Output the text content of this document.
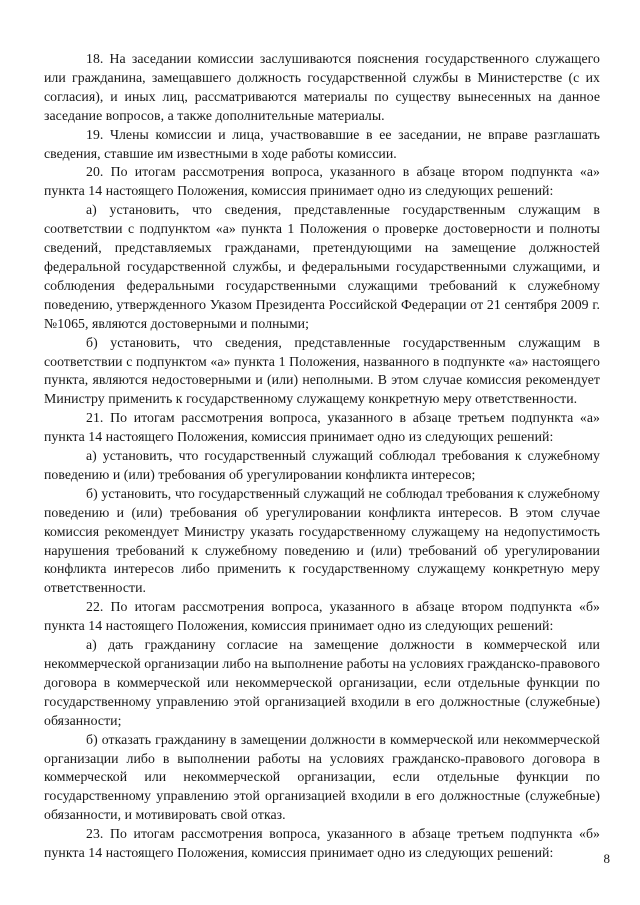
18. На заседании комиссии заслушиваются пояснения государственного служащего или гражданина, замещавшего должность государственной службы в Министерстве (с их согласия), и иных лиц, рассматриваются материалы по существу вынесенных на данное заседание вопросов, а также дополнительные материалы.

19. Члены комиссии и лица, участвовавшие в ее заседании, не вправе разглашать сведения, ставшие им известными в ходе работы комиссии.

20. По итогам рассмотрения вопроса, указанного в абзаце втором подпункта «а» пункта 14 настоящего Положения, комиссия принимает одно из следующих решений:

а) установить, что сведения, представленные государственным служащим в соответствии с подпунктом «а» пункта 1 Положения о проверке достоверности и полноты сведений, представляемых гражданами, претендующими на замещение должностей федеральной государственной службы, и федеральными государственными служащими, и соблюдения федеральными государственными служащими требований к служебному поведению, утвержденного Указом Президента Российской Федерации от 21 сентября 2009 г. №1065, являются достоверными и полными;

б) установить, что сведения, представленные государственным служащим в соответствии с подпунктом «а» пункта 1 Положения, названного в подпункте «а» настоящего пункта, являются недостоверными и (или) неполными. В этом случае комиссия рекомендует Министру применить к государственному служащему конкретную меру ответственности.

21. По итогам рассмотрения вопроса, указанного в абзаце третьем подпункта «а» пункта 14 настоящего Положения, комиссия принимает одно из следующих решений:

а) установить, что государственный служащий соблюдал требования к служебному поведению и (или) требования об урегулировании конфликта интересов;

б) установить, что государственный служащий не соблюдал требования к служебному поведению и (или) требования об урегулировании конфликта интересов. В этом случае комиссия рекомендует Министру указать государственному служащему на недопустимость нарушения требований к служебному поведению и (или) требований об урегулировании конфликта интересов либо применить к государственному служащему конкретную меру ответственности.

22. По итогам рассмотрения вопроса, указанного в абзаце втором подпункта «б» пункта 14 настоящего Положения, комиссия принимает одно из следующих решений:

а) дать гражданину согласие на замещение должности в коммерческой или некоммерческой организации либо на выполнение работы на условиях гражданско-правового договора в коммерческой или некоммерческой организации, если отдельные функции по государственному управлению этой организацией входили в его должностные (служебные) обязанности;

б) отказать гражданину в замещении должности в коммерческой или некоммерческой организации либо в выполнении работы на условиях гражданско-правового договора в коммерческой или некоммерческой организации, если отдельные функции по государственному управлению этой организацией входили в его должностные (служебные) обязанности, и мотивировать свой отказ.

23. По итогам рассмотрения вопроса, указанного в абзаце третьем подпункта «б» пункта 14 настоящего Положения, комиссия принимает одно из следующих решений:	8
